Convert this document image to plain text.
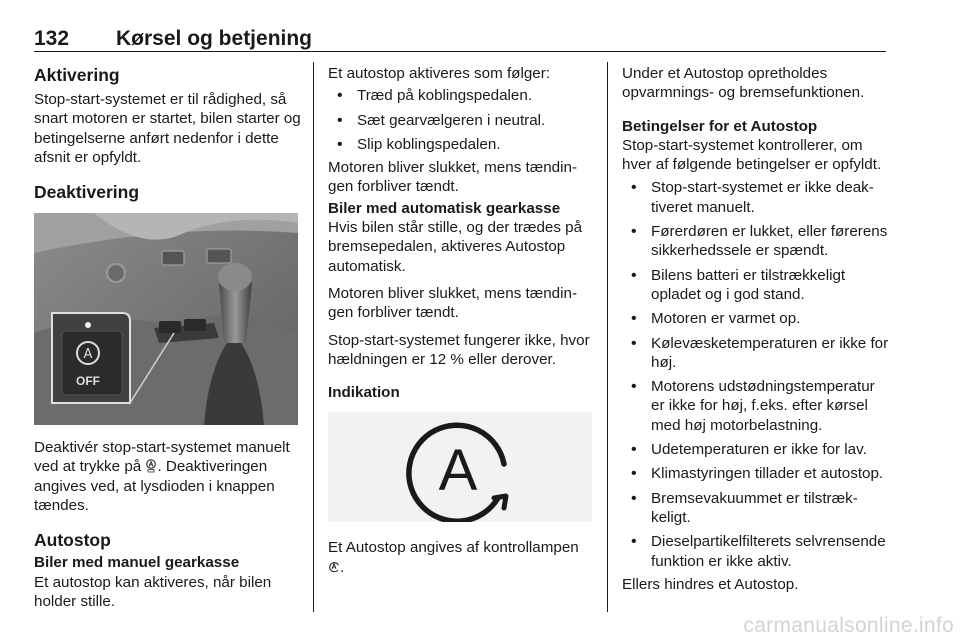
132 Kørsel og betjening
Aktivering

Stop-start-systemet er til rådighed, så snart motoren er startet, bilen starter og betingelserne anført nedenfor i dette afsnit er opfyldt.

Deaktivering
A
OFF

Deaktivér stop-start-systemet manuelt ved at trykke på . Deaktiveringen angives ved, at lysdioden i knappen tændes.

Autostop
Biler med manuel gearkasse

Et autostop kan aktiveres, når bilen holder stille.

Et autostop aktiveres som følger:

• Træd på koblingspedalen.
• Sæt gearvælgeren i neutral.
• Slip koblingspedalen.

Motoren bliver slukket, mens tændingen forbliver tændt.

Biler med automatisk gearkasse

Hvis bilen står stille, og der trædes på bremsepedalen, aktiveres Autostop automatisk.

Motoren bliver slukket, mens tændingen forbliver tændt.

Stop-start-systemet fungerer ikke, hvor hældningen er 12 % eller derover.

Indikation
A

Et Autostop angives af kontrollampen
.

Under et Autostop opretholdes opvarmnings- og bremsefunktionen.

Betingelser for et Autostop

Stop-start-systemet kontrollerer, om hver af følgende betingelser er opfyldt.

• Stop-start-systemet er ikke deaktiveret manuelt.
• Førerdøren er lukket, eller førerens sikkerhedssele er spændt.
• Bilens batteri er tilstrækkeligt opladet og i god stand.
• Motoren er varmet op.
• Kølevæsketemperaturen er ikke for høj.
• Motorens udstødningstemperatur er ikke for høj, f.eks. efter kørsel med høj motorbelastning.
• Udetemperaturen er ikke for lav.
• Klimastyringen tillader et autostop.
• Bremsevakuummet er tilstrækkeligt.
• Dieselpartikelfilterets selvrensende funktion er ikke aktiv.

Ellers hindres et Autostop.

carmanualsonline.info
